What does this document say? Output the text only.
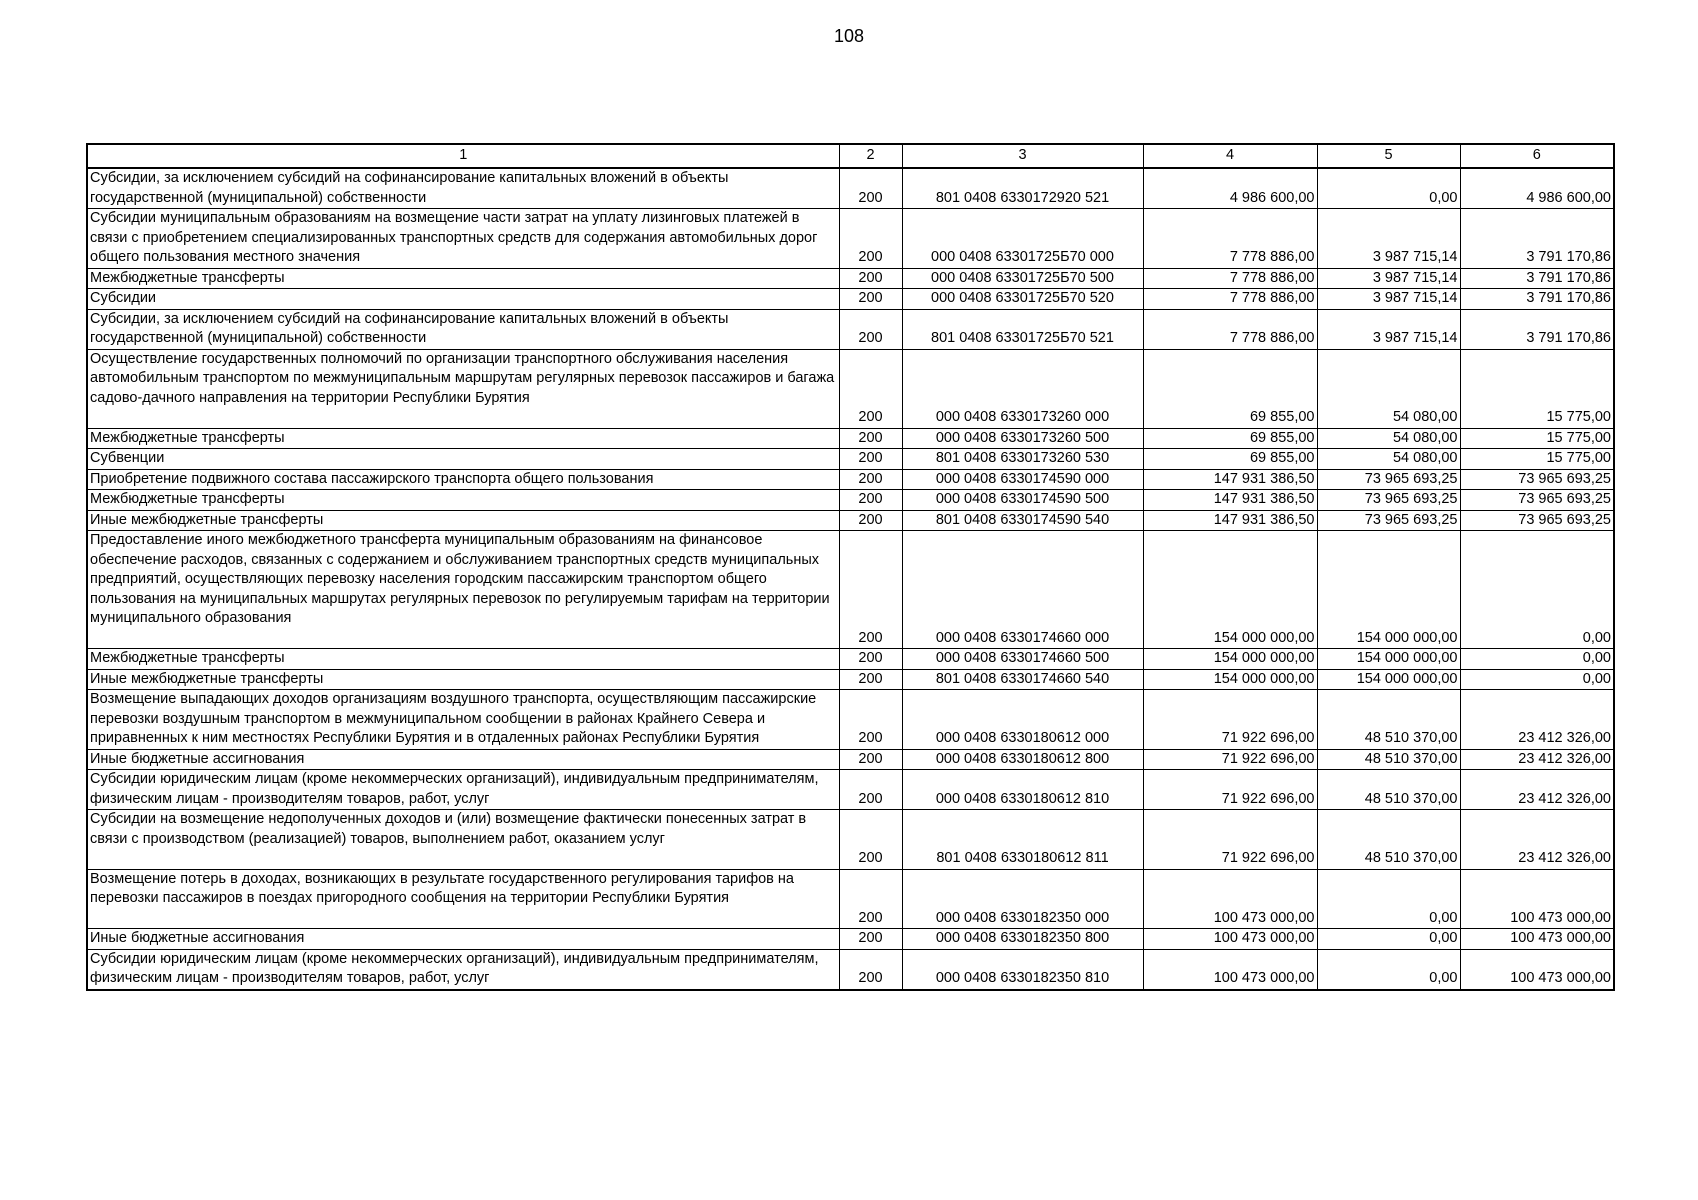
108
1	2	3	4	5	6
Субсидии, за исключением субсидий на софинансирование капитальных вложений в объекты государственной (муниципальной) собственности	200	801 0408 6330172920 521	4 986 600,00	0,00	4 986 600,00
Субсидии муниципальным образованиям на возмещение части затрат на уплату лизинговых платежей в связи с приобретением специализированных транспортных средств для содержания автомобильных дорог общего пользования местного значения	200	000 0408 63301725Б70 000	7 778 886,00	3 987 715,14	3 791 170,86
Межбюджетные трансферты	200	000 0408 63301725Б70 500	7 778 886,00	3 987 715,14	3 791 170,86
Субсидии	200	000 0408 63301725Б70 520	7 778 886,00	3 987 715,14	3 791 170,86
Субсидии, за исключением субсидий на софинансирование капитальных вложений в объекты государственной (муниципальной) собственности	200	801 0408 63301725Б70 521	7 778 886,00	3 987 715,14	3 791 170,86
Осуществление государственных полномочий по организации транспортного обслуживания населения автомобильным транспортом по межмуниципальным маршрутам регулярных перевозок пассажиров и багажа садово-дачного направления на территории Республики Бурятия	200	000 0408 6330173260 000	69 855,00	54 080,00	15 775,00
Межбюджетные трансферты	200	000 0408 6330173260 500	69 855,00	54 080,00	15 775,00
Субвенции	200	801 0408 6330173260 530	69 855,00	54 080,00	15 775,00
Приобретение подвижного состава пассажирского транспорта общего пользования	200	000 0408 6330174590 000	147 931 386,50	73 965 693,25	73 965 693,25
Межбюджетные трансферты	200	000 0408 6330174590 500	147 931 386,50	73 965 693,25	73 965 693,25
Иные межбюджетные трансферты	200	801 0408 6330174590 540	147 931 386,50	73 965 693,25	73 965 693,25
Предоставление иного межбюджетного трансферта муниципальным образованиям на финансовое обеспечение расходов, связанных с содержанием и обслуживанием транспортных средств муниципальных предприятий, осуществляющих перевозку населения городским пассажирским транспортом общего пользования на муниципальных маршрутах регулярных перевозок по регулируемым тарифам на территории муниципального образования	200	000 0408 6330174660 000	154 000 000,00	154 000 000,00	0,00
Межбюджетные трансферты	200	000 0408 6330174660 500	154 000 000,00	154 000 000,00	0,00
Иные межбюджетные трансферты	200	801 0408 6330174660 540	154 000 000,00	154 000 000,00	0,00
Возмещение выпадающих доходов организациям воздушного транспорта, осуществляющим пассажирские перевозки воздушным транспортом в межмуниципальном сообщении в районах Крайнего Севера и приравненных к ним местностях Республики Бурятия и в отдаленных районах Республики Бурятия	200	000 0408 6330180612 000	71 922 696,00	48 510 370,00	23 412 326,00
Иные бюджетные ассигнования	200	000 0408 6330180612 800	71 922 696,00	48 510 370,00	23 412 326,00
Субсидии юридическим лицам (кроме некоммерческих организаций), индивидуальным предпринимателям, физическим лицам - производителям товаров, работ, услуг	200	000 0408 6330180612 810	71 922 696,00	48 510 370,00	23 412 326,00
Субсидии на возмещение недополученных доходов и (или) возмещение фактически понесенных затрат в связи с производством (реализацией) товаров, выполнением работ, оказанием услуг	200	801 0408 6330180612 811	71 922 696,00	48 510 370,00	23 412 326,00
Возмещение потерь в доходах, возникающих в результате государственного регулирования тарифов на перевозки пассажиров в поездах пригородного сообщения на территории Республики Бурятия	200	000 0408 6330182350 000	100 473 000,00	0,00	100 473 000,00
Иные бюджетные ассигнования	200	000 0408 6330182350 800	100 473 000,00	0,00	100 473 000,00
Субсидии юридическим лицам (кроме некоммерческих организаций), индивидуальным предпринимателям, физическим лицам - производителям товаров, работ, услуг	200	000 0408 6330182350 810	100 473 000,00	0,00	100 473 000,00
